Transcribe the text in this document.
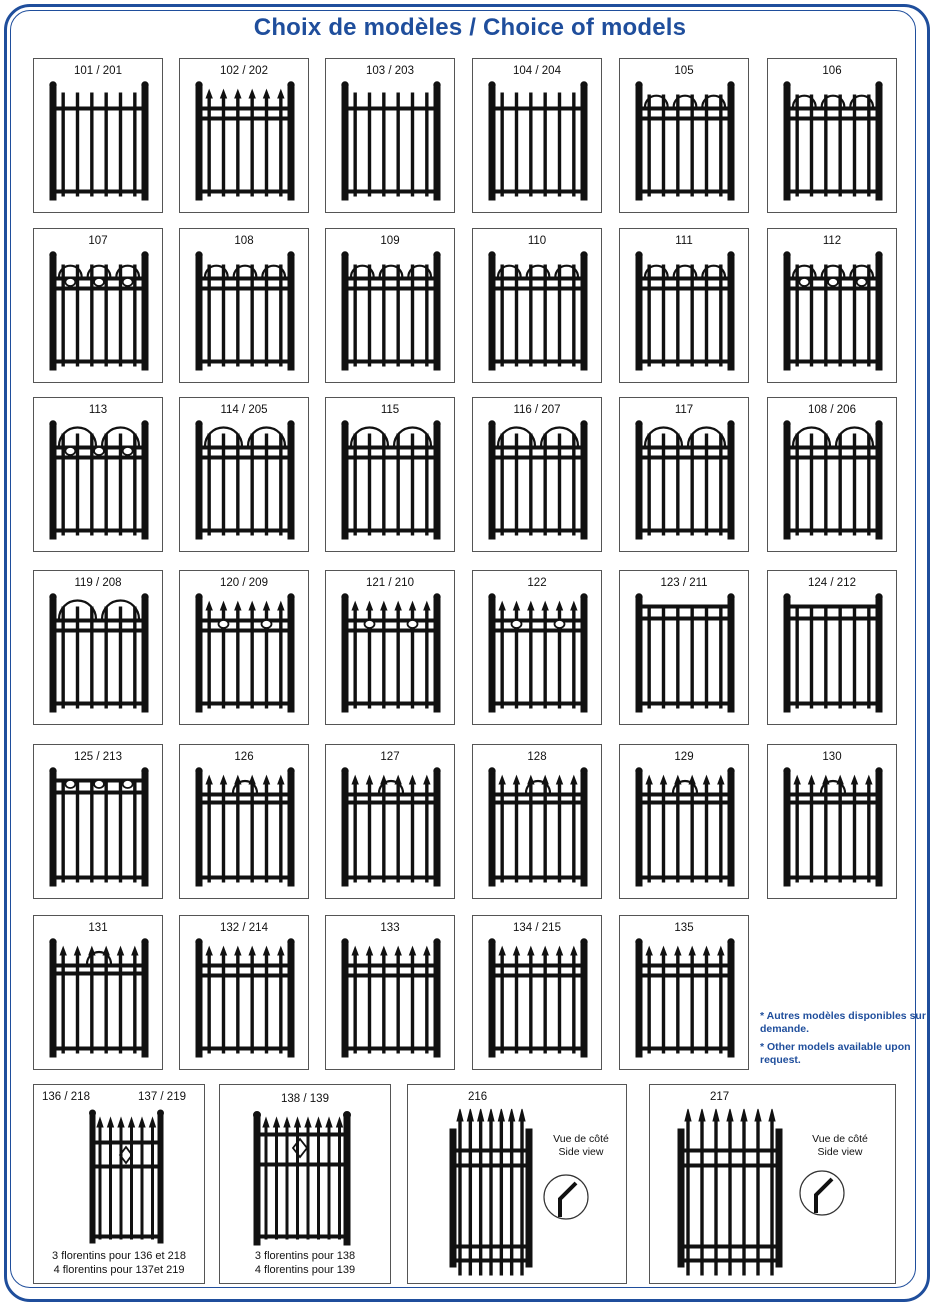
Choix de modèles / Choice of models
101 / 201	102 / 202	103 / 203	104 / 204	105	106
107	108	109	110	111	112
113	114 / 205	115	116 / 207	117	108 / 206
119 / 208	120 / 209	121 / 210	122	123 / 211	124 / 212
125 / 213	126	127	128	129	130
131	132 / 214	133	134 / 215	135
* Autres modèles disponibles sur demande.
* Other models available upon request.
136 / 218	137 / 219
3 florentins pour 136 et 218
4 florentins pour 137et 219
138 / 139
3 florentins pour 138
4 florentins pour 139
216
Vue de côté
Side view
217
Vue de côté
Side view
